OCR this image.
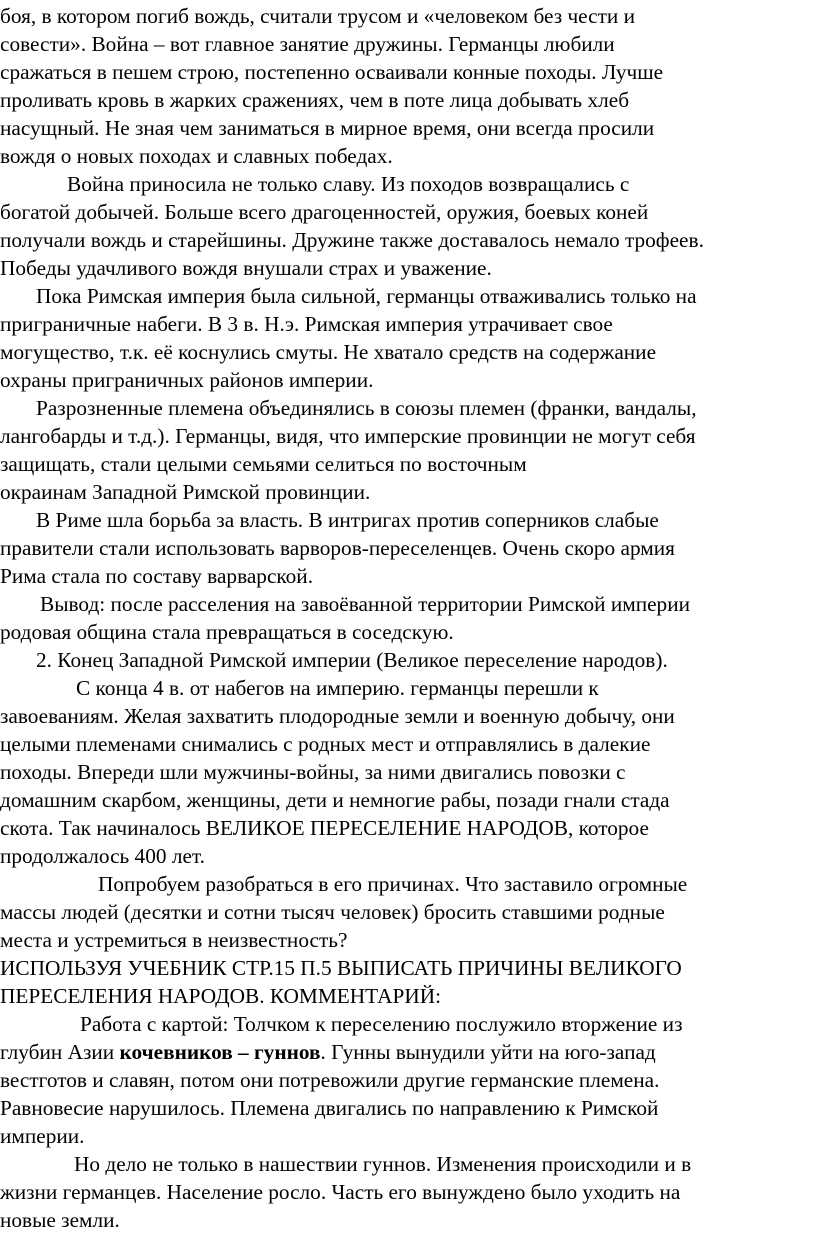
боя, в котором погиб вождь, считали трусом и «человеком без чести и
совести». Война – вот главное занятие дружины. Германцы любили
сражаться в пешем строю, постепенно осваивали конные походы. Лучше
проливать кровь в жарких сражениях, чем в поте лица добывать хлеб
насущный. Не зная чем заниматься в мирное время, они всегда просили
вождя о новых походах и славных победах.
Война приносила не только славу. Из походов возвращались с
богатой добычей. Больше всего драгоценностей, оружия, боевых коней
получали вождь и старейшины. Дружине также доставалось немало трофеев.
Победы удачливого вождя внушали страх и уважение.
Пока Римская империя была сильной, германцы отваживались только на
приграничные набеги. В 3 в. Н.э. Римская империя утрачивает свое
могущество, т.к. её коснулись смуты. Не хватало средств на содержание
охраны приграничных районов империи.
Разрозненные племена объединялись в союзы племен (франки, вандалы,
лангобарды и т.д.). Германцы, видя, что имперские провинции не могут себя
защищать, стали целыми семьями селиться по восточным
окраинам Западной Римской провинции.
В Риме шла борьба за власть. В интригах против соперников слабые
правители стали использовать варворов-переселенцев. Очень скоро армия
Рима стала по составу варварской.
Вывод: после расселения на завоёванной территории Римской империи
родовая община стала превращаться в соседскую.
2. Конец Западной Римской империи (Великое переселение народов).
С конца 4 в. от набегов на империю. германцы перешли к
завоеваниям. Желая захватить плодородные земли и военную добычу, они
целыми племенами снимались с родных мест и отправлялись в далекие
походы. Впереди шли мужчины-войны, за ними двигались повозки с
домашним скарбом, женщины, дети и немногие рабы, позади гнали стада
скота. Так начиналось ВЕЛИКОЕ ПЕРЕСЕЛЕНИЕ НАРОДОВ, которое
продолжалось 400 лет.
Попробуем разобраться в его причинах. Что заставило огромные
массы людей (десятки и сотни тысяч человек) бросить ставшими родные
места и устремиться в неизвестность?
ИСПОЛЬЗУЯ УЧЕБНИК СТР.15 П.5 ВЫПИСАТЬ ПРИЧИНЫ ВЕЛИКОГО
ПЕРЕСЕЛЕНИЯ НАРОДОВ. КОММЕНТАРИЙ:
Работа с картой: Толчком к переселению послужило вторжение из
глубин Азии кочевников – гуннов. Гунны вынудили уйти на юго-запад
вестготов и славян, потом они потревожили другие германские племена.
Равновесие нарушилось. Племена двигались по направлению к Римской
империи.
Но дело не только в нашествии гуннов. Изменения происходили и в
жизни германцев. Население росло. Часть его вынуждено было уходить на
новые земли.
